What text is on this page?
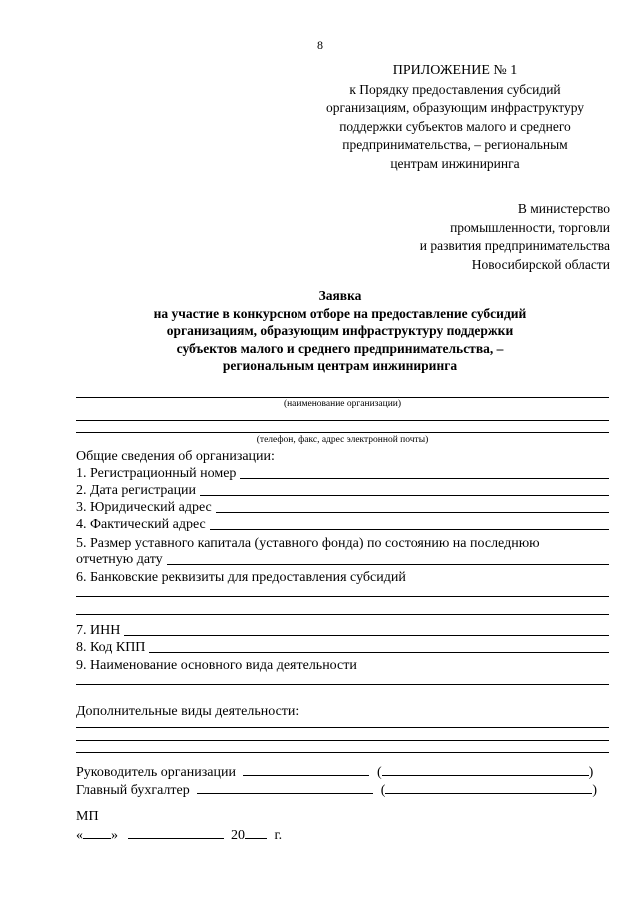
8
ПРИЛОЖЕНИЕ № 1
к Порядку предоставления субсидий
организациям, образующим инфраструктуру
поддержки субъектов малого и среднего
предпринимательства, – региональным
центрам инжиниринга
В министерство
промышленности, торговли
и развития предпринимательства
Новосибирской области
Заявка
на участие в конкурсном отборе на предоставление субсидий
организациям, образующим инфраструктуру поддержки
субъектов малого и среднего предпринимательства, –
региональным центрам инжиниринга
(наименование организации)
(телефон, факс, адрес электронной почты)
Общие сведения об организации:
1. Регистрационный номер
2. Дата регистрации
3. Юридический адрес
4. Фактический адрес
5. Размер уставного капитала (уставного фонда) по состоянию на последнюю
отчетную дату
6. Банковские реквизиты для предоставления субсидий
7. ИНН
8. Код КПП
9. Наименование основного вида деятельности
Дополнительные виды деятельности:
Руководитель организации	(	)
Главный бухгалтер	(	)
МП
« »	20 г.
